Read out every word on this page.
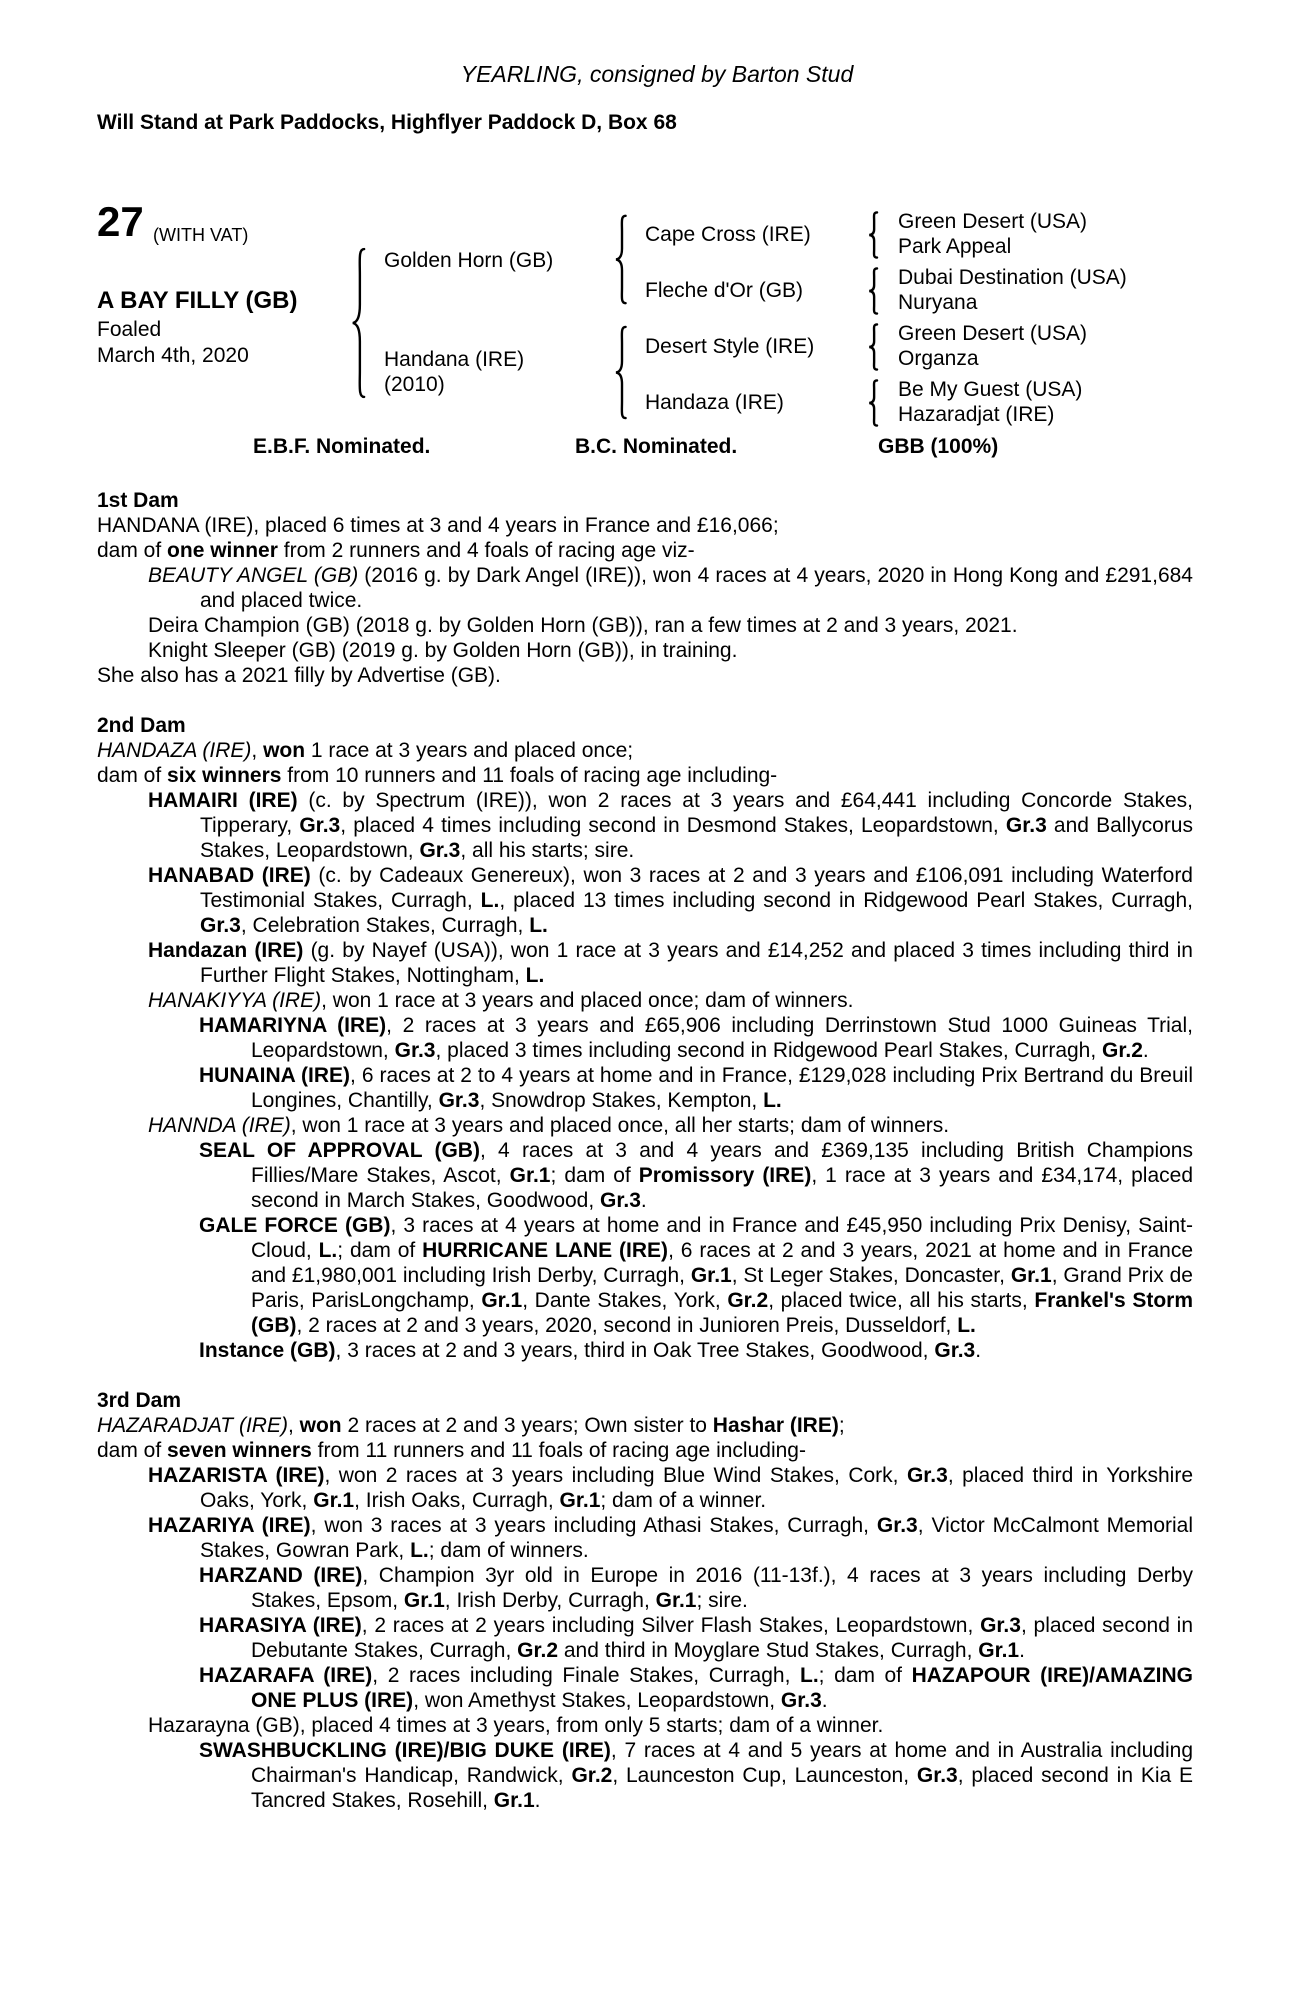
YEARLING, consigned by Barton Stud
Will Stand at Park Paddocks, Highflyer Paddock D, Box 68
27 (WITH VAT)
A BAY FILLY (GB)
Foaled
March 4th, 2020
Golden Horn (GB)
Handana (IRE)
(2010)
Cape Cross (IRE)
Fleche d'Or (GB)
Desert Style (IRE)
Handaza (IRE)
Green Desert (USA)
Park Appeal
Dubai Destination (USA)
Nuryana
Green Desert (USA)
Organza
Be My Guest (USA)
Hazaradjat (IRE)
E.B.F. Nominated.	B.C. Nominated.	GBB (100%)

1st Dam

HANDANA (IRE), placed 6 times at 3 and 4 years in France and £16,066;

dam of one winner from 2 runners and 4 foals of racing age viz-

BEAUTY ANGEL (GB) (2016 g. by Dark Angel (IRE)), won 4 races at 4 years, 2020 in Hong Kong and £291,684 and placed twice.

Deira Champion (GB) (2018 g. by Golden Horn (GB)), ran a few times at 2 and 3 years, 2021.

Knight Sleeper (GB) (2019 g. by Golden Horn (GB)), in training.

She also has a 2021 filly by Advertise (GB).

2nd Dam

HANDAZA (IRE), won 1 race at 3 years and placed once;

dam of six winners from 10 runners and 11 foals of racing age including-

HAMAIRI (IRE) (c. by Spectrum (IRE)), won 2 races at 3 years and £64,441 including Concorde Stakes, Tipperary, Gr.3, placed 4 times including second in Desmond Stakes, Leopardstown, Gr.3 and Ballycorus Stakes, Leopardstown, Gr.3, all his starts; sire.

HANABAD (IRE) (c. by Cadeaux Genereux), won 3 races at 2 and 3 years and £106,091 including Waterford Testimonial Stakes, Curragh, L., placed 13 times including second in Ridgewood Pearl Stakes, Curragh, Gr.3, Celebration Stakes, Curragh, L.

Handazan (IRE) (g. by Nayef (USA)), won 1 race at 3 years and £14,252 and placed 3 times including third in Further Flight Stakes, Nottingham, L.

HANAKIYYA (IRE), won 1 race at 3 years and placed once; dam of winners.

HAMARIYNA (IRE), 2 races at 3 years and £65,906 including Derrinstown Stud 1000 Guineas Trial, Leopardstown, Gr.3, placed 3 times including second in Ridgewood Pearl Stakes, Curragh, Gr.2.

HUNAINA (IRE), 6 races at 2 to 4 years at home and in France, £129,028 including Prix Bertrand du Breuil Longines, Chantilly, Gr.3, Snowdrop Stakes, Kempton, L.

HANNDA (IRE), won 1 race at 3 years and placed once, all her starts; dam of winners.

SEAL OF APPROVAL (GB), 4 races at 3 and 4 years and £369,135 including British Champions Fillies/Mare Stakes, Ascot, Gr.1; dam of Promissory (IRE), 1 race at 3 years and £34,174, placed second in March Stakes, Goodwood, Gr.3.

GALE FORCE (GB), 3 races at 4 years at home and in France and £45,950 including Prix Denisy, Saint-Cloud, L.; dam of HURRICANE LANE (IRE), 6 races at 2 and 3 years, 2021 at home and in France and £1,980,001 including Irish Derby, Curragh, Gr.1, St Leger Stakes, Doncaster, Gr.1, Grand Prix de Paris, ParisLongchamp, Gr.1, Dante Stakes, York, Gr.2, placed twice, all his starts, Frankel's Storm (GB), 2 races at 2 and 3 years, 2020, second in Junioren Preis, Dusseldorf, L.

Instance (GB), 3 races at 2 and 3 years, third in Oak Tree Stakes, Goodwood, Gr.3.

3rd Dam

HAZARADJAT (IRE), won 2 races at 2 and 3 years; Own sister to Hashar (IRE);

dam of seven winners from 11 runners and 11 foals of racing age including-

HAZARISTA (IRE), won 2 races at 3 years including Blue Wind Stakes, Cork, Gr.3, placed third in Yorkshire Oaks, York, Gr.1, Irish Oaks, Curragh, Gr.1; dam of a winner.

HAZARIYA (IRE), won 3 races at 3 years including Athasi Stakes, Curragh, Gr.3, Victor McCalmont Memorial Stakes, Gowran Park, L.; dam of winners.

HARZAND (IRE), Champion 3yr old in Europe in 2016 (11-13f.), 4 races at 3 years including Derby Stakes, Epsom, Gr.1, Irish Derby, Curragh, Gr.1; sire.

HARASIYA (IRE), 2 races at 2 years including Silver Flash Stakes, Leopardstown, Gr.3, placed second in Debutante Stakes, Curragh, Gr.2 and third in Moyglare Stud Stakes, Curragh, Gr.1.

HAZARAFA (IRE), 2 races including Finale Stakes, Curragh, L.; dam of HAZAPOUR (IRE)/AMAZING ONE PLUS (IRE), won Amethyst Stakes, Leopardstown, Gr.3.

Hazarayna (GB), placed 4 times at 3 years, from only 5 starts; dam of a winner.

SWASHBUCKLING (IRE)/BIG DUKE (IRE), 7 races at 4 and 5 years at home and in Australia including Chairman's Handicap, Randwick, Gr.2, Launceston Cup, Launceston, Gr.3, placed second in Kia E Tancred Stakes, Rosehill, Gr.1.
